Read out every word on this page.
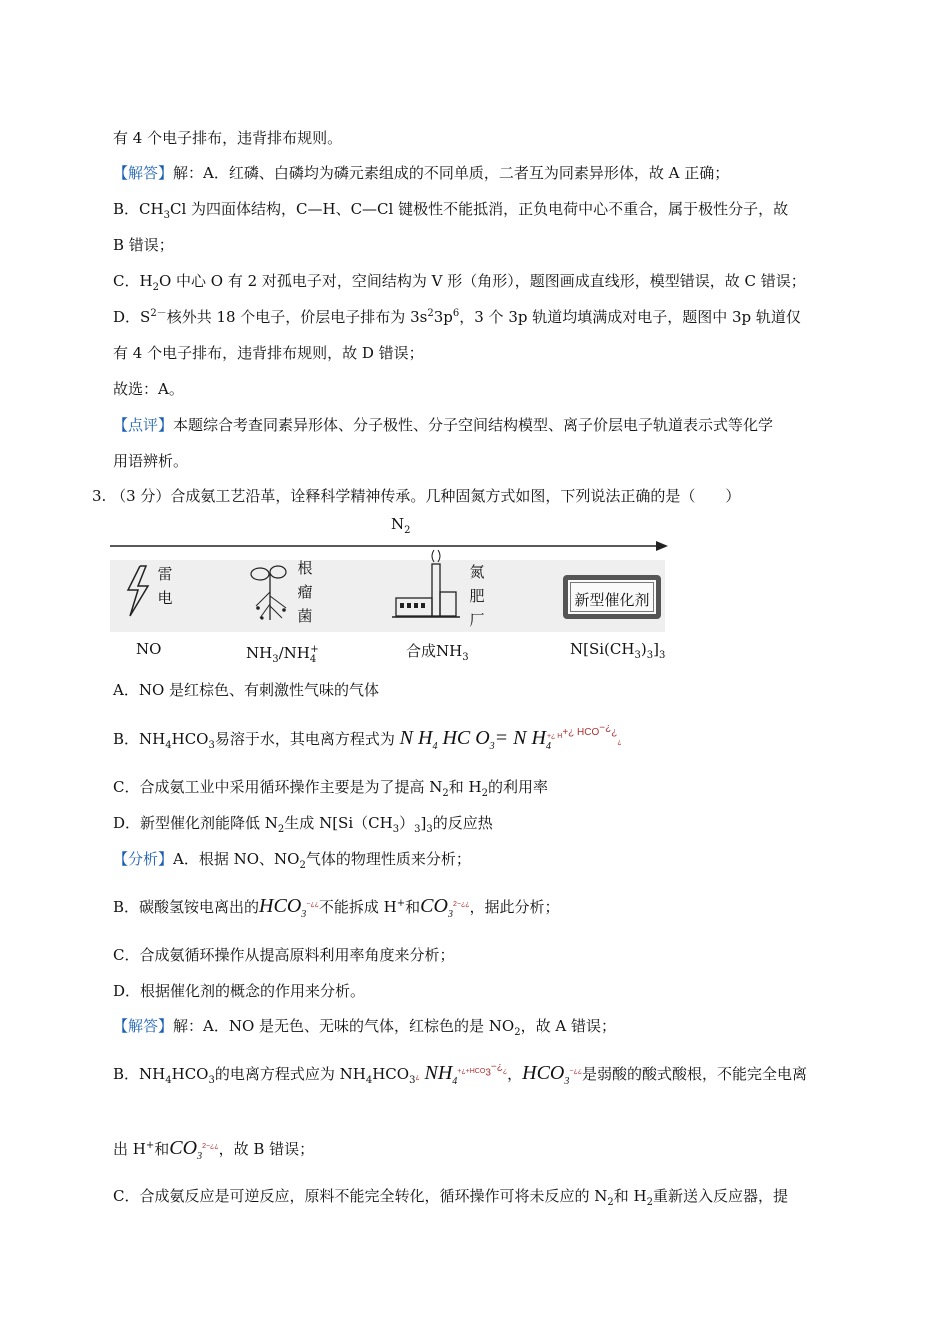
有 4 个电子排布，违背排布规则。
【解答】解：A．红磷、白磷均为磷元素组成的不同单质，二者互为同素异形体，故 A 正确；
B．$CH_3Cl$ 为四面体结构，C—H、C—Cl 键极性不能抵消，正负电荷中心不重合，属于极性分子，故
B 错误；
C．$H_2O$ 中心 O 有 2 对孤电子对，空间结构为 V 形（角形），题图画成直线形，模型错误，故 C 错误；
D．$S^{2-}$核外共 18 个电子，价层电子排布为 $3s^23p^6$，3 个 3p 轨道均填满成对电子，题图中 3p 轨道仅
有 4 个电子排布，违背排布规则，故 D 错误；
故选：A。
【点评】本题综合考查同素异形体、分子极性、分子空间结构模型、离子价层电子轨道表示式等化学
用语辨析。
3. （3 分）合成氨工艺沿革，诠释科学精神传承。几种固氮方式如图，下列说法正确的是（　　）
$N_2$
雷
电
根
瘤
菌
氮
肥
厂
新型催化剂
NO	$NH_3/NH_4^+$	合成$NH_3$	$N[Si(CH_3)_3]_3$
A．NO 是红棕色、有刺激性气味的气体
B．$NH_4HCO_3$易溶于水，其电离方程式为 N $H_4$ HC $O_3= N$ $H_4^{+¿ H^{+¿ HCO^{-¿}¿}}¿$
C．合成氨工业中采用循环操作主要是为了提高 $N_2$和 $H_2$的利用率
D．新型催化剂能降低 $N_2$生成 $N[Si(CH_3)_3]_3$的反应热
【分析】A．根据 NO、$NO_2$气体的物理性质来分析；
B．碳酸氢铵电离出的$HCO_3^{-¿¿}$不能拆成 H+和$CO_3^{2-¿¿}$，据此分析；
C．合成氨循环操作从提高原料利用率角度来分析；
D．根据催化剂的概念的作用来分析。
【解答】解：A．NO 是无色、无味的气体，红棕色的是 $NO_2$，故 A 错误；
B．$NH_4HCO_3$的电离方程式应为 $NH_4HCO_3¿$ $NH_4^{+¿+HCO_3^{-¿}¿}$，$HCO_3^{-¿¿}$是弱酸的酸式酸根，不能完全电离
出 H+和$CO_3^{2-¿¿}$，故 B 错误；
C．合成氨反应是可逆反应，原料不能完全转化，循环操作可将未反应的 $N_2$和 $H_2$重新送入反应器，提
